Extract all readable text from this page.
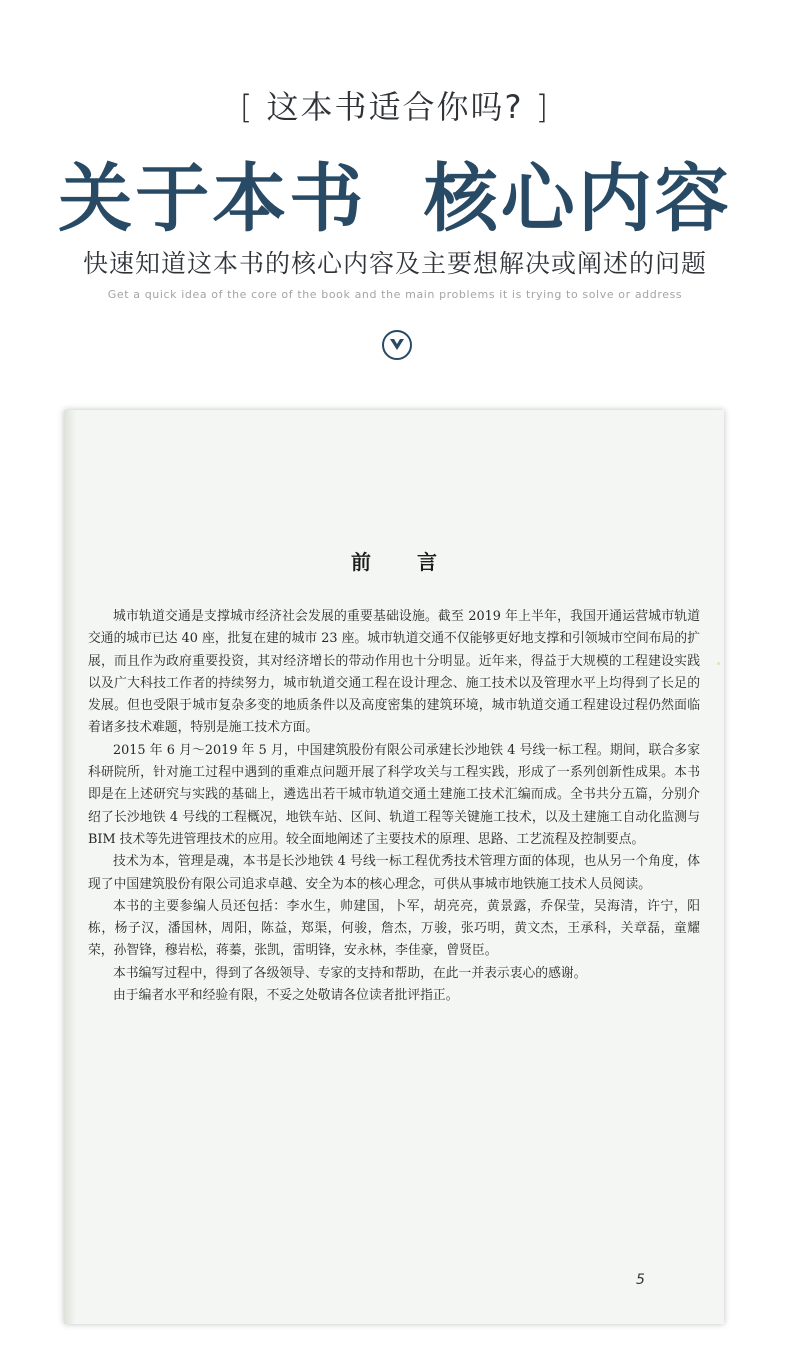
[ 这本书适合你吗? ]
关于本书  核心内容
快速知道这本书的核心内容及主要想解决或阐述的问题
Get a quick idea of the core of the book and the main problems it is trying to solve or address
前言

城市轨道交通是支撑城市经济社会发展的重要基础设施。截至 2019 年上半年，我国开通运营城市轨道交通的城市已达 40 座，批复在建的城市 23 座。城市轨道交通不仅能够更好地支撑和引领城市空间布局的扩展，而且作为政府重要投资，其对经济增长的带动作用也十分明显。近年来，得益于大规模的工程建设实践以及广大科技工作者的持续努力，城市轨道交通工程在设计理念、施工技术以及管理水平上均得到了长足的发展。但也受限于城市复杂多变的地质条件以及高度密集的建筑环境，城市轨道交通工程建设过程仍然面临着诸多技术难题，特别是施工技术方面。

2015 年 6 月～2019 年 5 月，中国建筑股份有限公司承建长沙地铁 4 号线一标工程。期间，联合多家科研院所，针对施工过程中遇到的重难点问题开展了科学攻关与工程实践，形成了一系列创新性成果。本书即是在上述研究与实践的基础上，遴选出若干城市轨道交通土建施工技术汇编而成。全书共分五篇，分别介绍了长沙地铁 4 号线的工程概况，地铁车站、区间、轨道工程等关键施工技术，以及土建施工自动化监测与 BIM 技术等先进管理技术的应用。较全面地阐述了主要技术的原理、思路、工艺流程及控制要点。

技术为本，管理是魂，本书是长沙地铁 4 号线一标工程优秀技术管理方面的体现，也从另一个角度，体现了中国建筑股份有限公司追求卓越、安全为本的核心理念，可供从事城市地铁施工技术人员阅读。

本书的主要参编人员还包括：李水生，帅建国，卜军，胡亮亮，黄景露，乔保莹，吴海清，许宁，阳栋，杨子汉，潘国林，周阳，陈益，郑渠，何骏，詹杰，万骏，张巧明，黄文杰，王承科，关章磊，童耀荣，孙智锋，穆岩松，蒋蓁，张凯，雷明锋，安永林，李佳豪，曾贤臣。

本书编写过程中，得到了各级领导、专家的支持和帮助，在此一并表示衷心的感谢。

由于编者水平和经验有限，不妥之处敬请各位读者批评指正。

5
